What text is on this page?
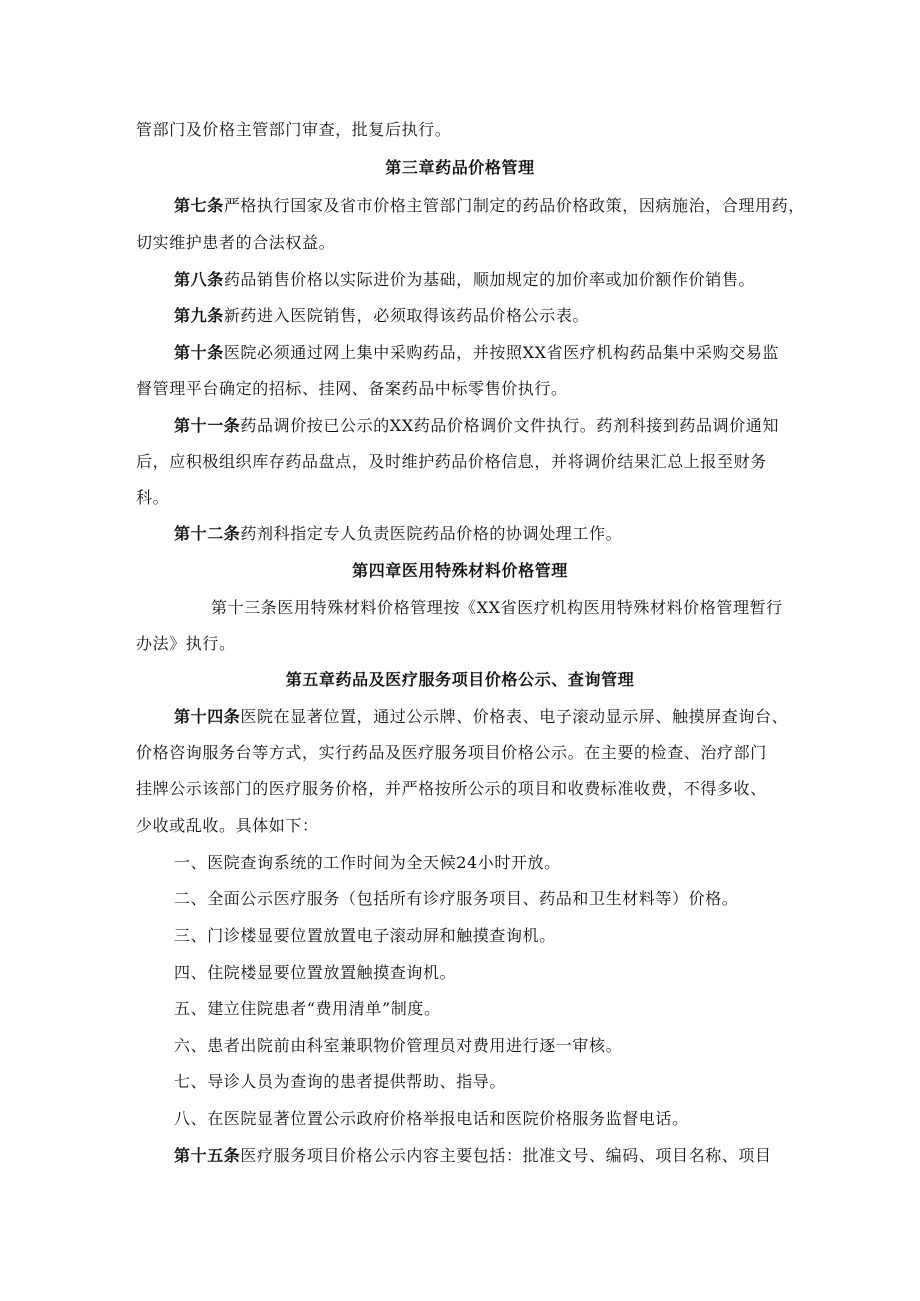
管部门及价格主管部门审查，批复后执行。
第三章药品价格管理
第七条严格执行国家及省市价格主管部门制定的药品价格政策，因病施治，合理用药，
切实维护患者的合法权益。
第八条药品销售价格以实际进价为基础，顺加规定的加价率或加价额作价销售。
第九条新药进入医院销售，必须取得该药品价格公示表。
第十条医院必须通过网上集中采购药品，并按照XX省医疗机构药品集中采购交易监
督管理平台确定的招标、挂网、备案药品中标零售价执行。
第十一条药品调价按已公示的XX药品价格调价文件执行。药剂科接到药品调价通知
后，应积极组织库存药品盘点，及时维护药品价格信息，并将调价结果汇总上报至财务
科。
第十二条药剂科指定专人负责医院药品价格的协调处理工作。
第四章医用特殊材料价格管理
第十三条医用特殊材料价格管理按《XX省医疗机构医用特殊材料价格管理暂行
办法》执行。
第五章药品及医疗服务项目价格公示、查询管理
第十四条医院在显著位置，通过公示牌、价格表、电子滚动显示屏、触摸屏查询台、
价格咨询服务台等方式，实行药品及医疗服务项目价格公示。在主要的检查、治疗部门
挂牌公示该部门的医疗服务价格，并严格按所公示的项目和收费标准收费，不得多收、
少收或乱收。具体如下：
一、医院查询系统的工作时间为全天候24小时开放。
二、全面公示医疗服务（包括所有诊疗服务项目、药品和卫生材料等）价格。
三、门诊楼显要位置放置电子滚动屏和触摸查询机。
四、住院楼显要位置放置触摸查询机。
五、建立住院患者“费用清单”制度。
六、患者出院前由科室兼职物价管理员对费用进行逐一审核。
七、导诊人员为查询的患者提供帮助、指导。
八、在医院显著位置公示政府价格举报电话和医院价格服务监督电话。
第十五条医疗服务项目价格公示内容主要包括：批准文号、编码、项目名称、项目
